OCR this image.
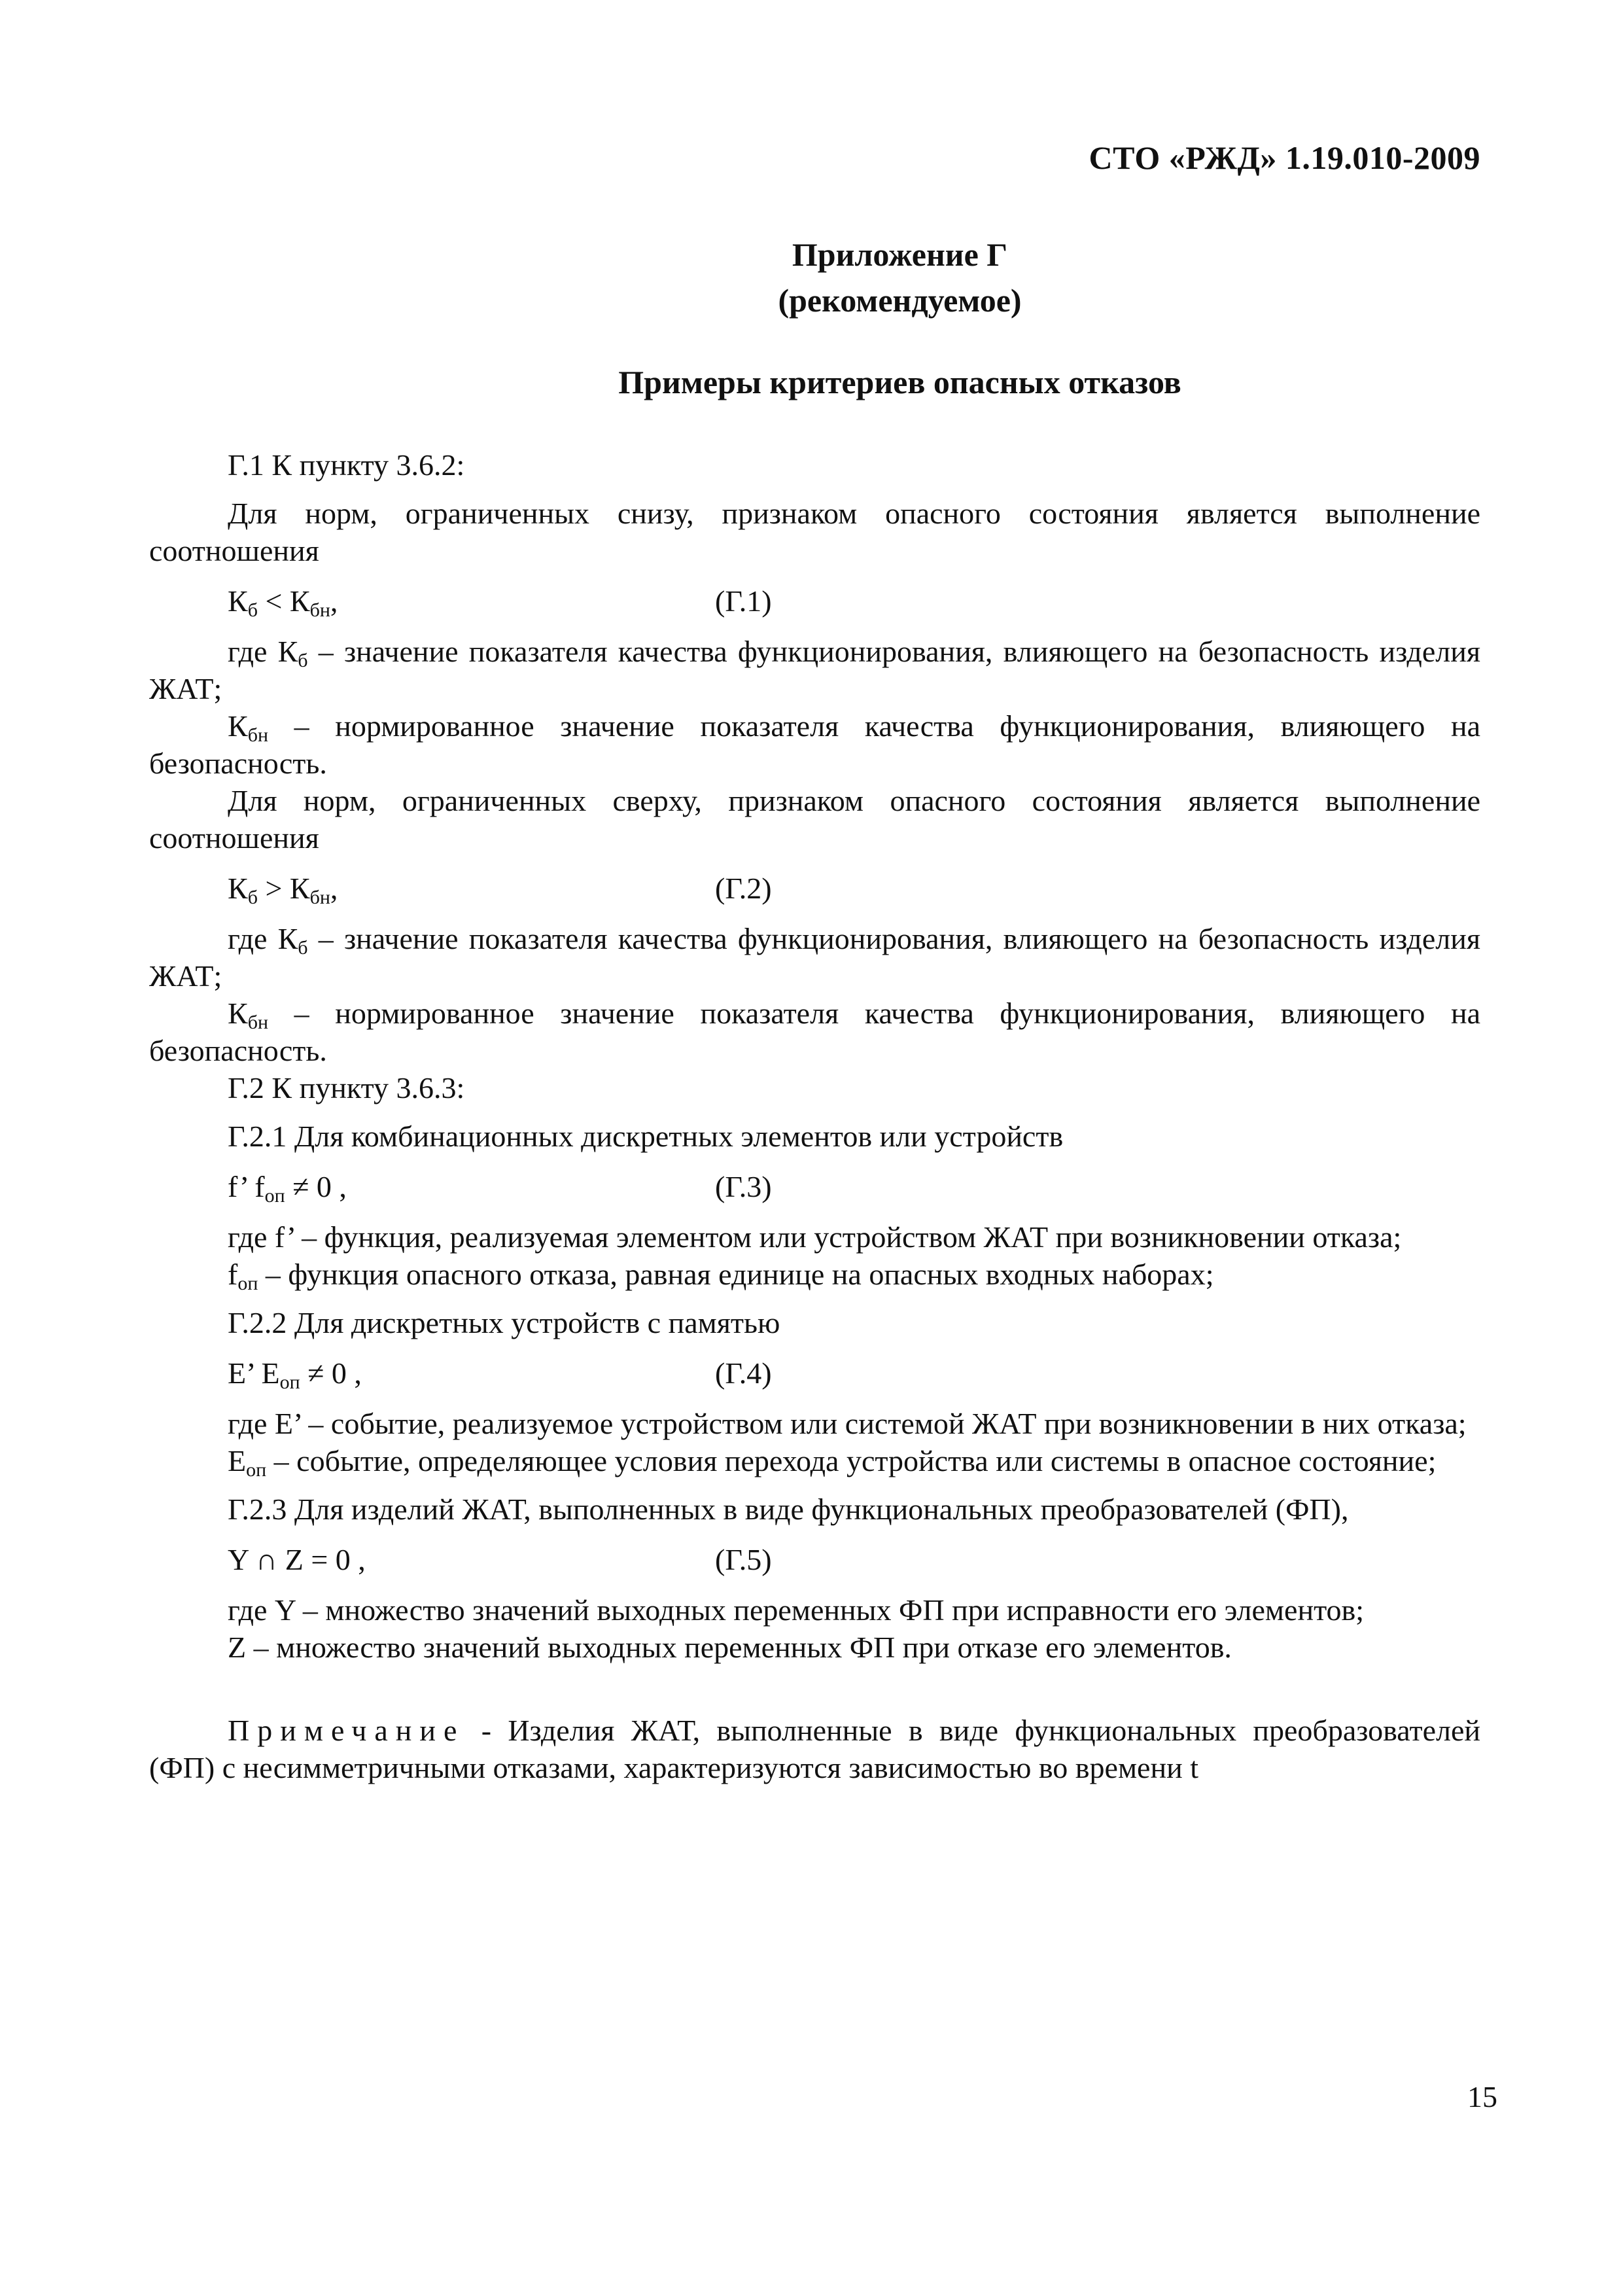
СТО «РЖД» 1.19.010-2009
Приложение Г
(рекомендуемое)
Примеры критериев опасных отказов

Г.1 К пункту 3.6.2:

Для норм, ограниченных снизу, признаком опасного состояния является выполнение соотношения

$К_б < К_{бн}$,	(Г.1)

где $К_б$ – значение показателя качества функционирования, влияющего на безопасность изделия ЖАТ;

$К_{бн}$ – нормированное значение показателя качества функционирования, влияющего на безопасность.

Для норм, ограниченных сверху, признаком опасного состояния является выполнение соотношения

$К_б > К_{бн}$,	(Г.2)

где $К_б$ – значение показателя качества функционирования, влияющего на безопасность изделия ЖАТ;

$К_{бн}$ – нормированное значение показателя качества функционирования, влияющего на безопасность.

Г.2 К пункту 3.6.3:

Г.2.1 Для комбинационных дискретных элементов или устройств

f’ $f_{оп} \ne 0$ ,	(Г.3)

где f’ – функция, реализуемая элементом или устройством ЖАТ при возникновении отказа;

$f_{оп}$ – функция опасного отказа, равная единице на опасных входных наборах;

Г.2.2 Для дискретных устройств с памятью

E’ $E_{оп} \ne 0$ ,	(Г.4)

где E’ – событие, реализуемое устройством или системой ЖАТ при возникновении в них отказа;

$E_{оп}$ – событие, определяющее условия перехода устройства или системы в опасное состояние;

Г.2.3 Для изделий ЖАТ, выполненных в виде функциональных преобразователей (ФП),

Y ∩ Z = 0 ,	(Г.5)

где Y – множество значений выходных переменных ФП при исправности его элементов;

Z – множество значений выходных переменных ФП при отказе его элементов.

Примечание - Изделия ЖАТ, выполненные в виде функциональных преобразователей (ФП) с несимметричными отказами, характеризуются зависимостью во времени t

15
